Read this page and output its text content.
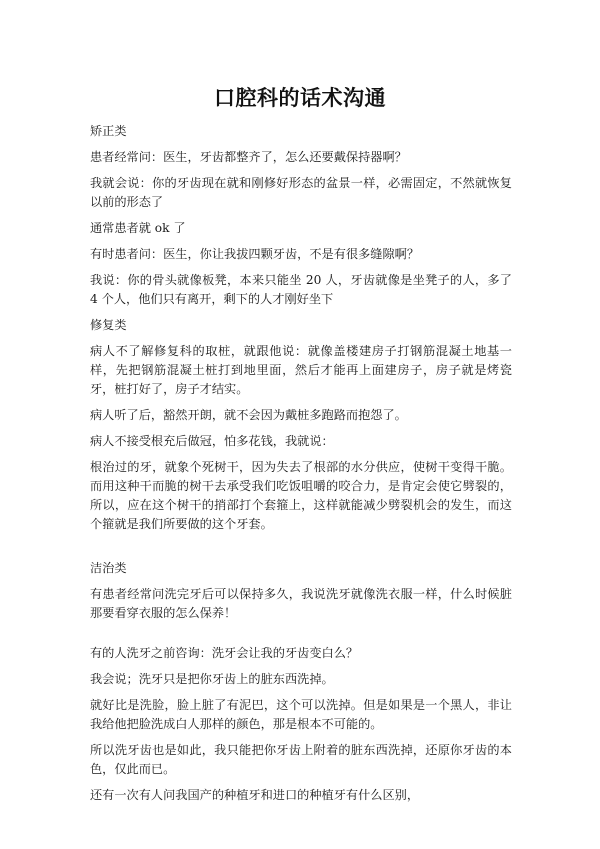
口腔科的话术沟通

矫正类

患者经常问：医生，牙齿都整齐了，怎么还要戴保持器啊？

我就会说：你的牙齿现在就和刚修好形态的盆景一样，必需固定，不然就恢复以前的形态了

通常患者就 ok 了

有时患者问：医生，你让我拔四颗牙齿，不是有很多缝隙啊？

我说：你的骨头就像板凳，本来只能坐 20 人，牙齿就像是坐凳子的人，多了 4 个人，他们只有离开，剩下的人才刚好坐下

修复类

病人不了解修复科的取桩，就跟他说：就像盖楼建房子打钢筋混凝土地基一样，先把钢筋混凝土桩打到地里面，然后才能再上面建房子，房子就是烤瓷牙，桩打好了，房子才结实。

病人听了后，豁然开朗，就不会因为戴桩多跑路而抱怨了。

病人不接受根充后做冠，怕多花钱，我就说：

根治过的牙，就象个死树干，因为失去了根部的水分供应，使树干变得干脆。而用这种干而脆的树干去承受我们吃饭咀嚼的咬合力，是肯定会使它劈裂的，所以，应在这个树干的捎部打个套箍上，这样就能减少劈裂机会的发生，而这个箍就是我们所要做的这个牙套。

洁治类

有患者经常问洗完牙后可以保持多久，我说洗牙就像洗衣服一样，什么时候脏那要看穿衣服的怎么保养！

有的人洗牙之前咨询：洗牙会让我的牙齿变白么？

我会说；洗牙只是把你牙齿上的脏东西洗掉。

就好比是洗脸，脸上脏了有泥巴，这个可以洗掉。但是如果是一个黑人，非让我给他把脸洗成白人那样的颜色，那是根本不可能的。

所以洗牙齿也是如此，我只能把你牙齿上附着的脏东西洗掉，还原你牙齿的本色，仅此而已。

还有一次有人问我国产的种植牙和进口的种植牙有什么区别，
